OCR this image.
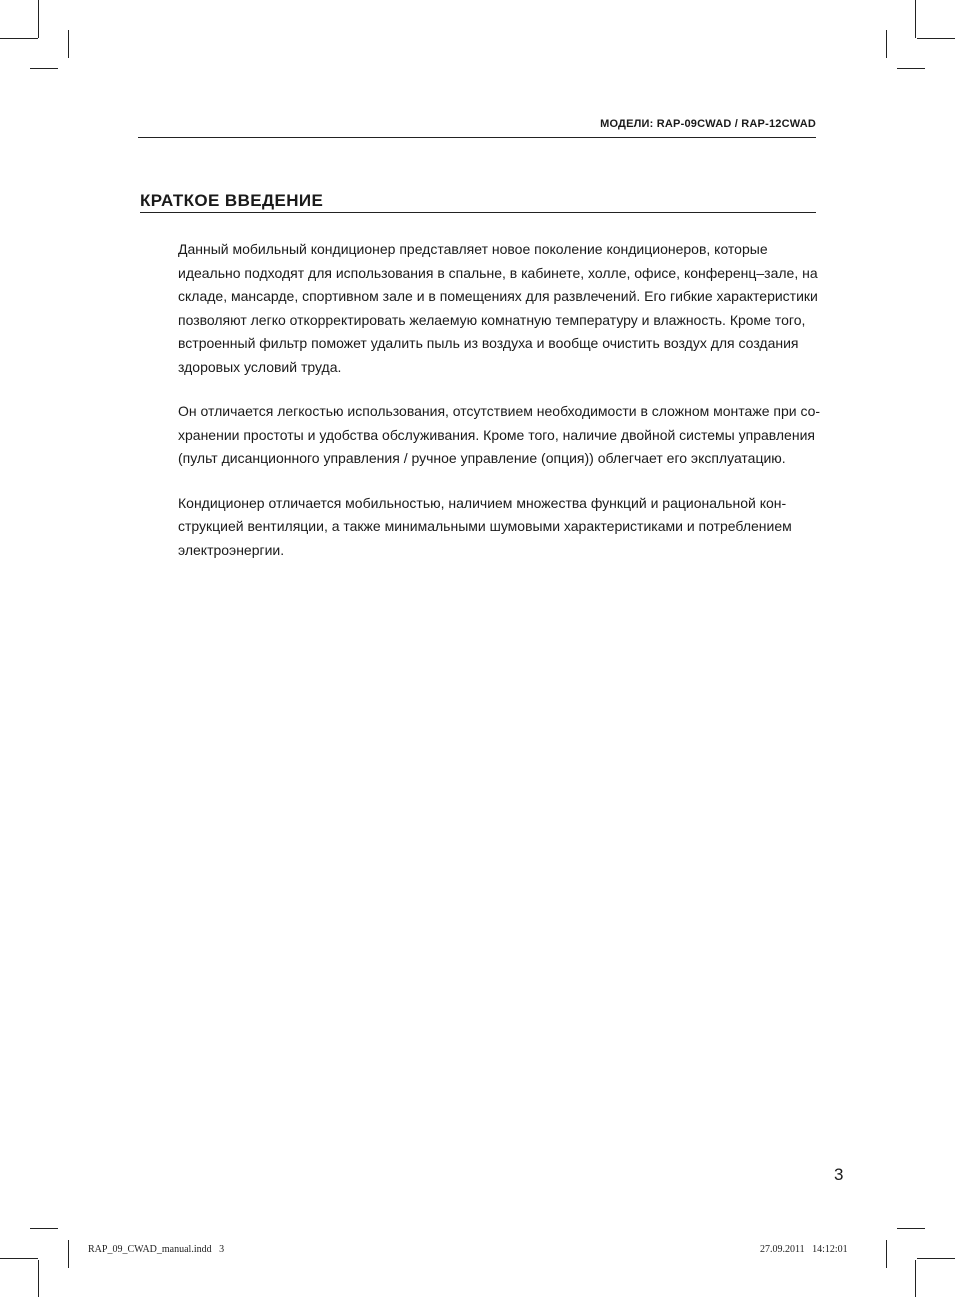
МОДЕЛИ: RAP-09CWAD / RAP-12CWAD
КРАТКОЕ ВВЕДЕНИЕ

Данный мобильный кондиционер представляет новое поколение кондиционеров, которые
идеально подходят для использования в спальне, в кабинете, холле, офисе, конференц–зале, на
складе, мансарде, спортивном зале и в помещениях для развлечений. Его гибкие характеристики
позволяют легко откорректировать желаемую комнатную температуру и влажность. Кроме того,
встроенный фильтр поможет удалить пыль из воздуха и вообще очистить воздух для создания
здоровых условий труда.

Он отличается легкостью использования, отсутствием необходимости в сложном монтаже при со-
хранении простоты и удобства обслуживания. Кроме того, наличие двойной системы управления
(пульт дисанционного управления / ручное управление (опция)) облегчает его эксплуатацию.

Кондиционер отличается мобильностью, наличием множества функций и рациональной кон-
струкцией вентиляции, а также минимальными шумовыми характеристиками и потреблением
электроэнергии.

3
RAP_09_CWAD_manual.indd   3	27.09.2011   14:12:01
